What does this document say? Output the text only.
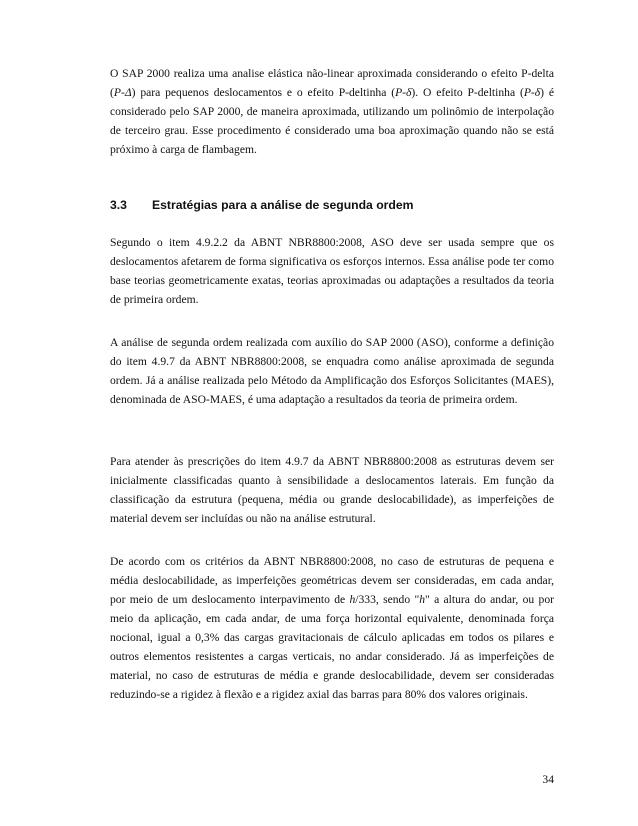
O SAP 2000 realiza uma analise elástica não-linear aproximada considerando o efeito P-delta (P-Δ) para pequenos deslocamentos e o efeito P-deltinha (P-δ). O efeito P-deltinha (P-δ) é considerado pelo SAP 2000, de maneira aproximada, utilizando um polinômio de interpolação de terceiro grau. Esse procedimento é considerado uma boa aproximação quando não se está próximo à carga de flambagem.

3.3 Estratégias para a análise de segunda ordem

Segundo o item 4.9.2.2 da ABNT NBR8800:2008, ASO deve ser usada sempre que os deslocamentos afetarem de forma significativa os esforços internos. Essa análise pode ter como base teorias geometricamente exatas, teorias aproximadas ou adaptações a resultados da teoria de primeira ordem.

A análise de segunda ordem realizada com auxílio do SAP 2000 (ASO), conforme a definição do item 4.9.7 da ABNT NBR8800:2008, se enquadra como análise aproximada de segunda ordem. Já a análise realizada pelo Método da Amplificação dos Esforços Solicitantes (MAES), denominada de ASO-MAES, é uma adaptação a resultados da teoria de primeira ordem.

Para atender às prescrições do item 4.9.7 da ABNT NBR8800:2008 as estruturas devem ser inicialmente classificadas quanto à sensibilidade a deslocamentos laterais. Em função da classificação da estrutura (pequena, média ou grande deslocabilidade), as imperfeições de material devem ser incluídas ou não na análise estrutural.

De acordo com os critérios da ABNT NBR8800:2008, no caso de estruturas de pequena e média deslocabilidade, as imperfeições geométricas devem ser consideradas, em cada andar, por meio de um deslocamento interpavimento de h/333, sendo "h" a altura do andar, ou por meio da aplicação, em cada andar, de uma força horizontal equivalente, denominada força nocional, igual a 0,3% das cargas gravitacionais de cálculo aplicadas em todos os pilares e outros elementos resistentes a cargas verticais, no andar considerado. Já as imperfeições de material, no caso de estruturas de média e grande deslocabilidade, devem ser consideradas reduzindo-se a rigidez à flexão e a rigidez axial das barras para 80% dos valores originais.

34
